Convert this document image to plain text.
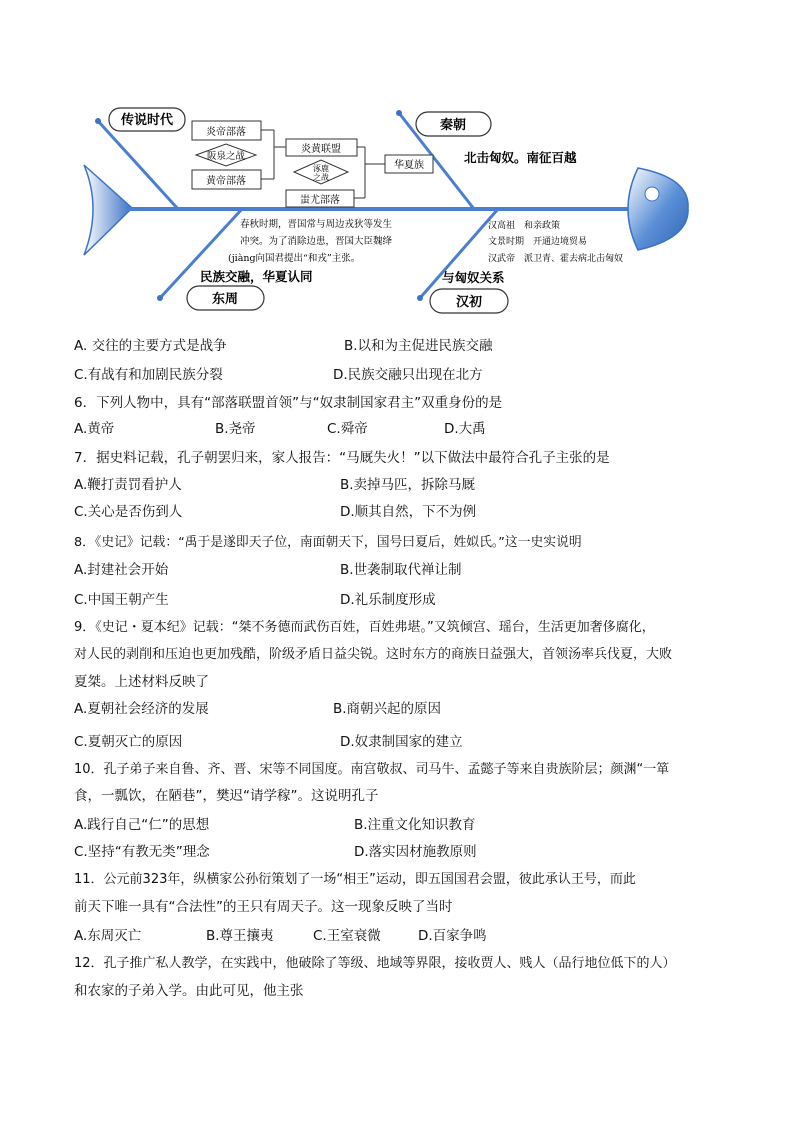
传说时代	秦朝
东周	汉初
炎帝部落
阪泉之战
黄帝部落
炎黄联盟
涿鹿
之战
蚩尤部落
华夏族
北击匈奴。南征百越
春秋时期，晋国常与周边戎狄等发生
冲突。为了消除边患，晋国大臣魏绛
(jiàng向国君提出“和戎”主张。
民族交融，华夏认同
汉高祖　和亲政策
文景时期　开通边境贸易
汉武帝　派卫青、霍去病北击匈奴
与匈奴关系
A. 交往的主要方式是战争	B.以和为主促进民族交融
C.有战有和加剧民族分裂	D.民族交融只出现在北方
6．下列人物中，具有“部落联盟首领”与“奴隶制国家君主”双重身份的是
A.黄帝	B.尧帝	C.舜帝	D.大禹
7．据史料记载，孔子朝罢归来，家人报告：“马厩失火！”以下做法中最符合孔子主张的是
A.鞭打责罚看护人	B.卖掉马匹，拆除马厩
C.关心是否伤到人	D.顺其自然，下不为例
8．《史记》记载：“禹于是遂即天子位，南面朝天下，国号曰夏后，姓姒氏。”这一史实说明
A.封建社会开始	B.世袭制取代禅让制
C.中国王朝产生	D.礼乐制度形成
9．《史记・夏本纪》记载：“桀不务德而武伤百姓，百姓弗堪。”又筑倾宫、瑶台，生活更加奢侈腐化，
对人民的剥削和压迫也更加残酷，阶级矛盾日益尖锐。这时东方的商族日益强大，首领汤率兵伐夏，大败
夏桀。上述材料反映了
A.夏朝社会经济的发展	B.商朝兴起的原因
C.夏朝灭亡的原因	D.奴隶制国家的建立
10．孔子弟子来自鲁、齐、晋、宋等不同国度。南宫敬叔、司马牛、孟懿子等来自贵族阶层；颜渊“一箪
食，一瓢饮，在陋巷”，樊迟“请学稼”。这说明孔子
A.践行自己“仁”的思想	B.注重文化知识教育
C.坚持“有教无类”理念	D.落实因材施教原则
11．公元前323年，纵横家公孙衍策划了一场“相王”运动，即五国国君会盟，彼此承认王号，而此
前天下唯一具有“合法性”的王只有周天子。这一现象反映了当时
A.东周灭亡	B.尊王攘夷	C.王室衰微	D.百家争鸣
12．孔子推广私人教学，在实践中，他破除了等级、地域等界限，接收贾人、贱人（品行地位低下的人）
和农家的子弟入学。由此可见，他主张
